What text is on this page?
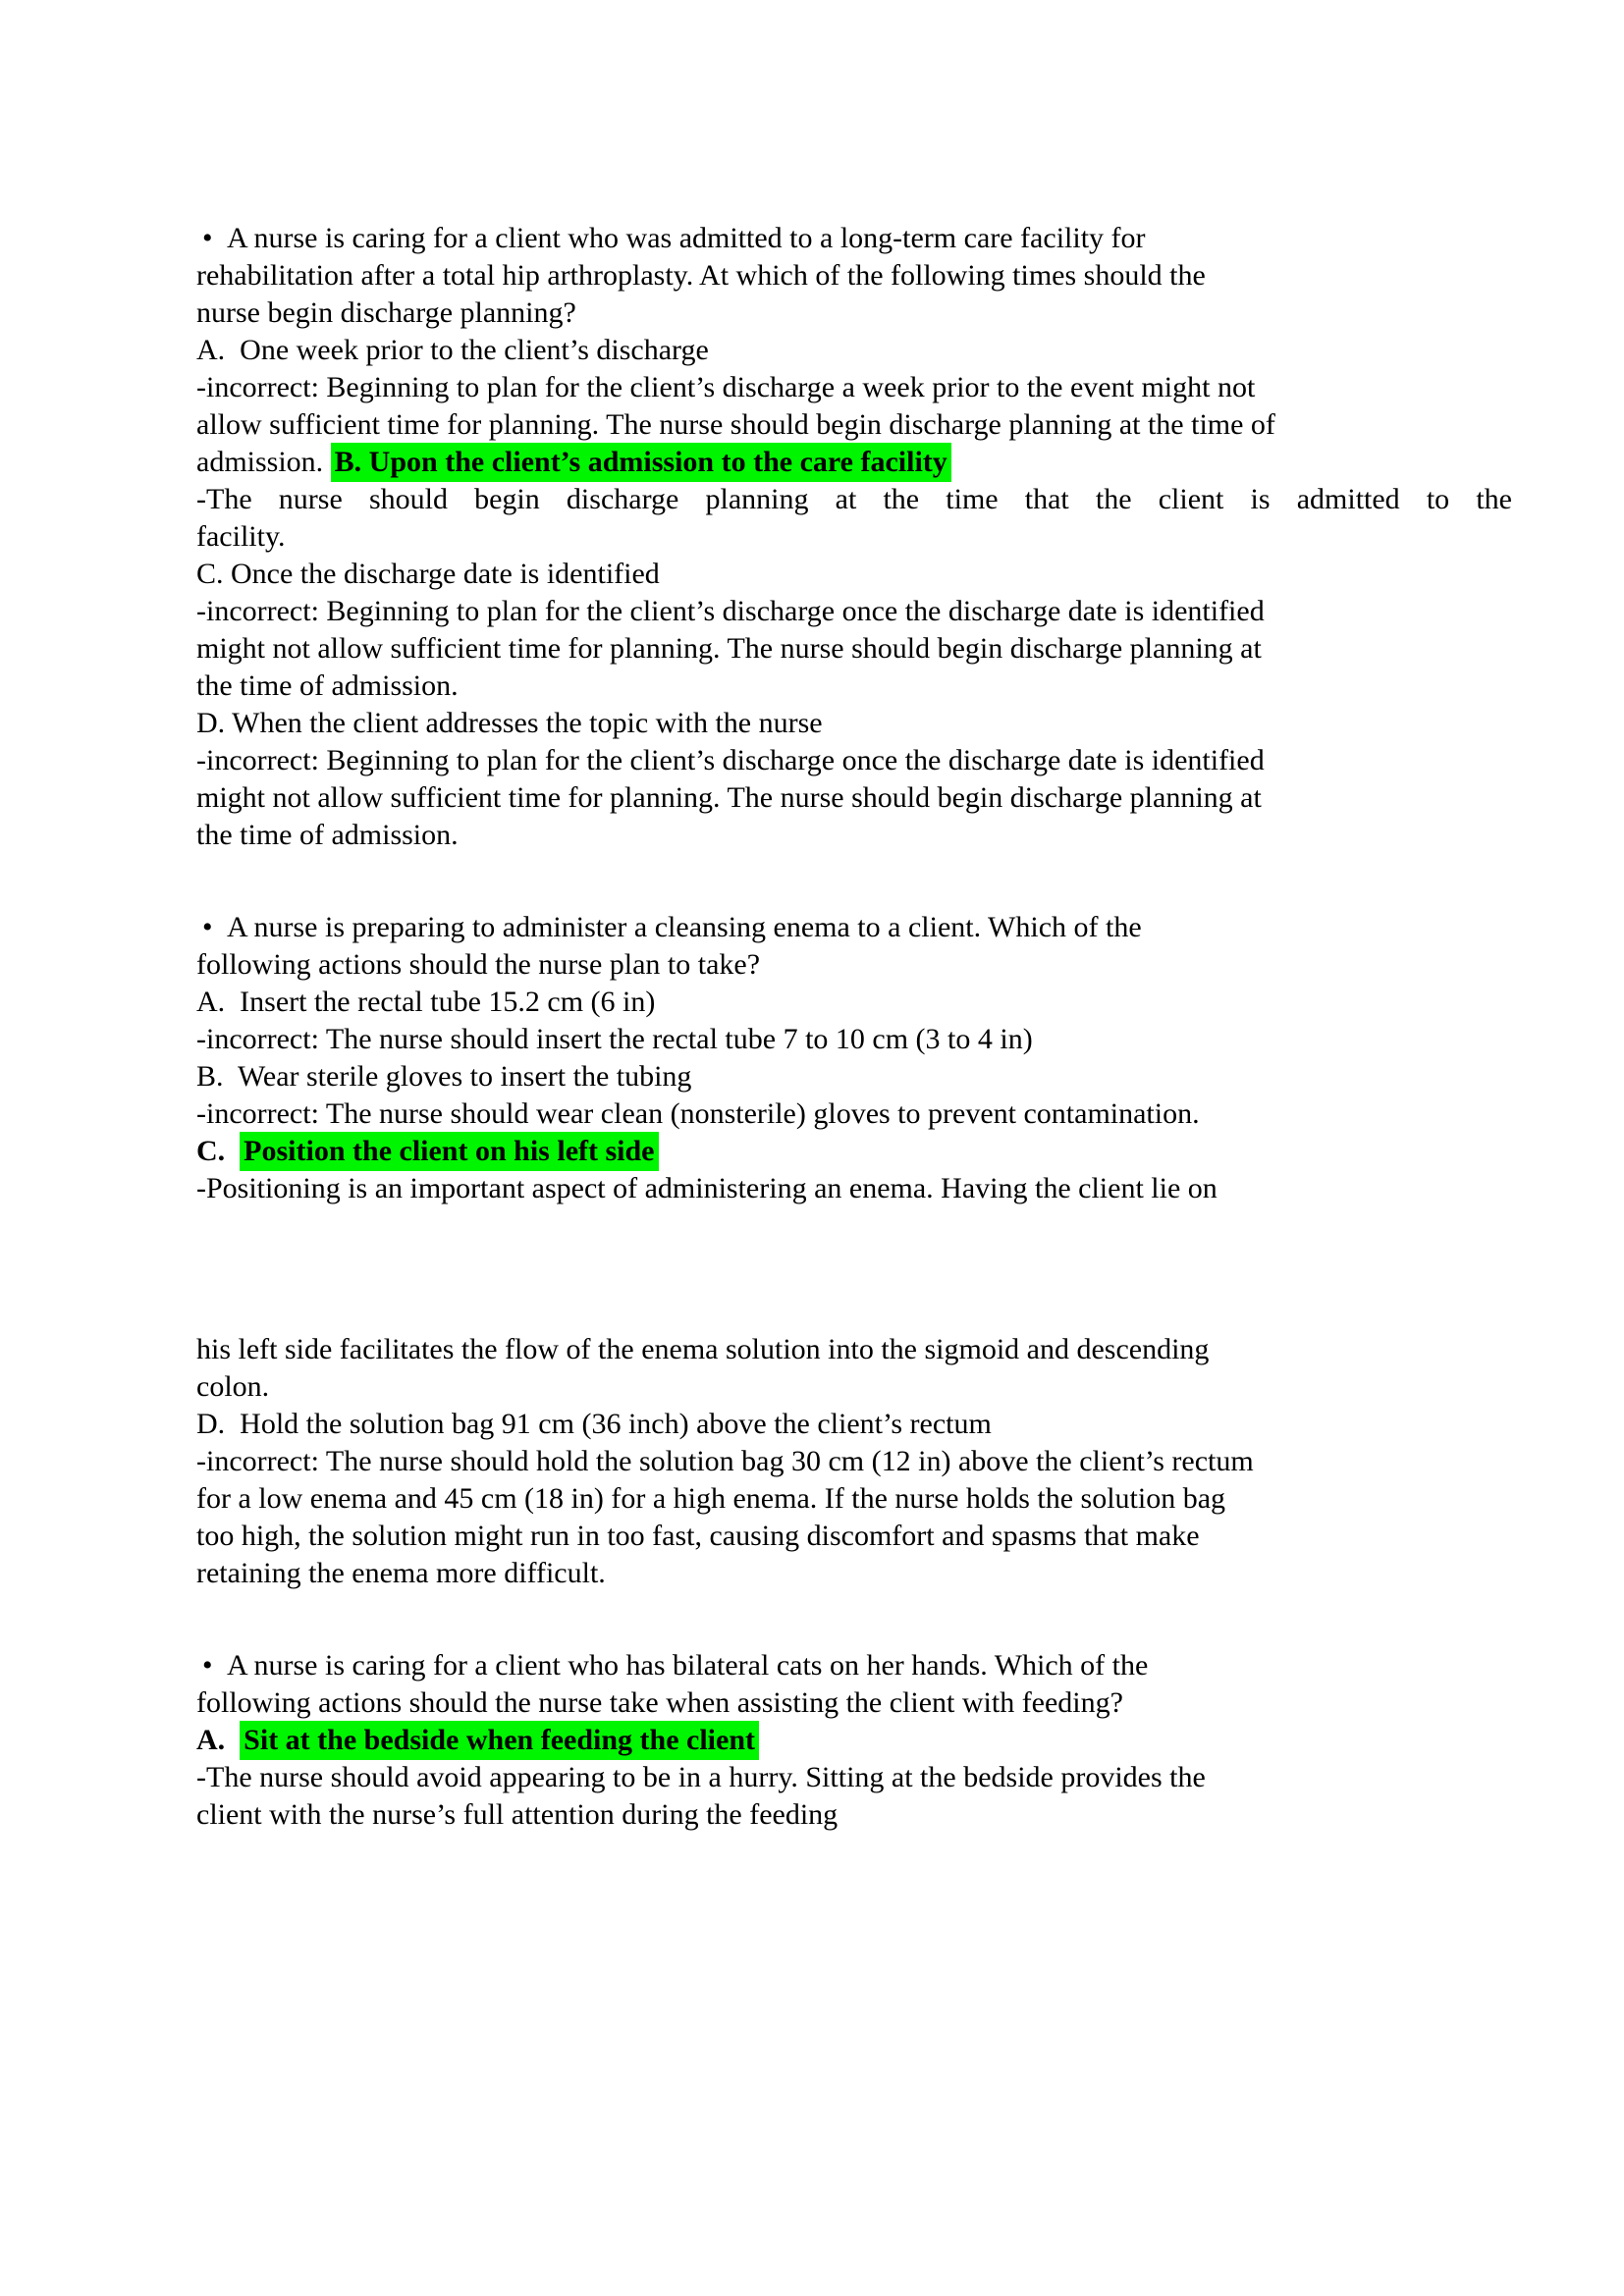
• A nurse is caring for a client who was admitted to a long-term care facility for
rehabilitation after a total hip arthroplasty. At which of the following times should the
nurse begin discharge planning?
A.  One week prior to the client’s discharge
-incorrect: Beginning to plan for the client’s discharge a week prior to the event might not
allow sufficient time for planning. The nurse should begin discharge planning at the time of
admission. B. Upon the client’s admission to the care facility
-The nurse should begin discharge planning at the time that the client is admitted to the
facility.
C. Once the discharge date is identified
-incorrect: Beginning to plan for the client’s discharge once the discharge date is identified
might not allow sufficient time for planning. The nurse should begin discharge planning at
the time of admission.
D. When the client addresses the topic with the nurse
-incorrect: Beginning to plan for the client’s discharge once the discharge date is identified
might not allow sufficient time for planning. The nurse should begin discharge planning at
the time of admission.
• A nurse is preparing to administer a cleansing enema to a client. Which of the
following actions should the nurse plan to take?
A.  Insert the rectal tube 15.2 cm (6 in)
-incorrect: The nurse should insert the rectal tube 7 to 10 cm (3 to 4 in)
B.  Wear sterile gloves to insert the tubing
-incorrect: The nurse should wear clean (nonsterile) gloves to prevent contamination.
C.  Position the client on his left side
-Positioning is an important aspect of administering an enema. Having the client lie on
his left side facilitates the flow of the enema solution into the sigmoid and descending
colon.
D.  Hold the solution bag 91 cm (36 inch) above the client’s rectum
-incorrect: The nurse should hold the solution bag 30 cm (12 in) above the client’s rectum
for a low enema and 45 cm (18 in) for a high enema. If the nurse holds the solution bag
too high, the solution might run in too fast, causing discomfort and spasms that make
retaining the enema more difficult.
• A nurse is caring for a client who has bilateral cats on her hands. Which of the
following actions should the nurse take when assisting the client with feeding?
A.  Sit at the bedside when feeding the client
-The nurse should avoid appearing to be in a hurry. Sitting at the bedside provides the
client with the nurse’s full attention during the feeding
